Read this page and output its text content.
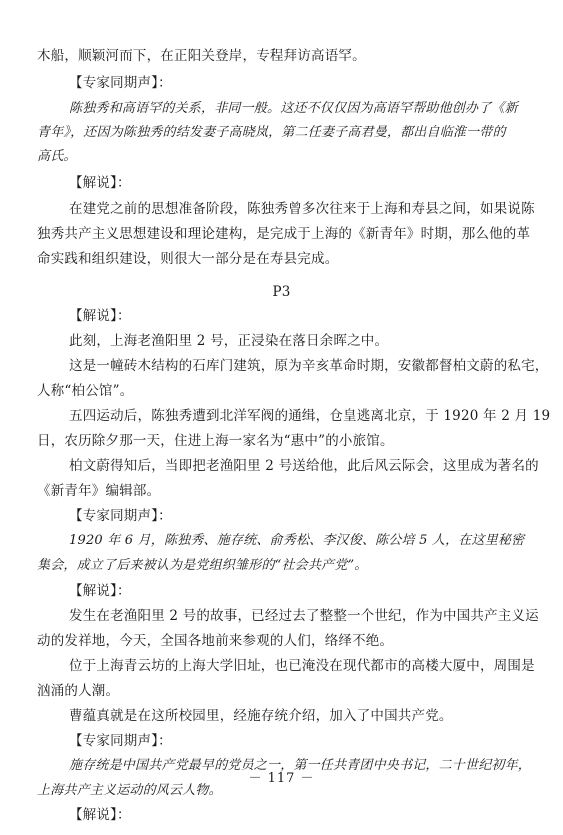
木船，顺颖河而下，在正阳关登岸，专程拜访高语罕。
【专家同期声】：
陈独秀和高语罕的关系，非同一般。这还不仅仅因为高语罕帮助他创办了《新
青年》，还因为陈独秀的结发妻子高晓岚，第二任妻子高君曼，都出自临淮一带的
高氏。
【解说】：
在建党之前的思想准备阶段，陈独秀曾多次往来于上海和寿县之间，如果说陈
独秀共产主义思想建设和理论建构，是完成于上海的《新青年》时期，那么他的革
命实践和组织建设，则很大一部分是在寿县完成。
P3
【解说】：
此刻，上海老渔阳里 2 号，正浸染在落日余晖之中。
这是一幢砖木结构的石库门建筑，原为辛亥革命时期，安徽都督柏文蔚的私宅，
人称“柏公馆”。
五四运动后，陈独秀遭到北洋军阀的通缉，仓皇逃离北京，于 1920 年 2 月 19
日，农历除夕那一天，住进上海一家名为“惠中”的小旅馆。
柏文蔚得知后，当即把老渔阳里 2 号送给他，此后风云际会，这里成为著名的
《新青年》编辑部。
【专家同期声】：
1920 年 6 月，陈独秀、施存统、俞秀松、李汉俊、陈公培 5 人，在这里秘密
集会，成立了后来被认为是党组织雏形的“社会共产党”。
【解说】：
发生在老渔阳里 2 号的故事，已经过去了整整一个世纪，作为中国共产主义运
动的发祥地，今天，全国各地前来参观的人们，络绎不绝。
位于上海青云坊的上海大学旧址，也已淹没在现代都市的高楼大厦中，周围是
汹涌的人潮。
曹蕴真就是在这所校园里，经施存统介绍，加入了中国共产党。
【专家同期声】：
施存统是中国共产党最早的党员之一，第一任共青团中央书记，二十世纪初年，
上海共产主义运动的风云人物。
【解说】：
－ 117 －
